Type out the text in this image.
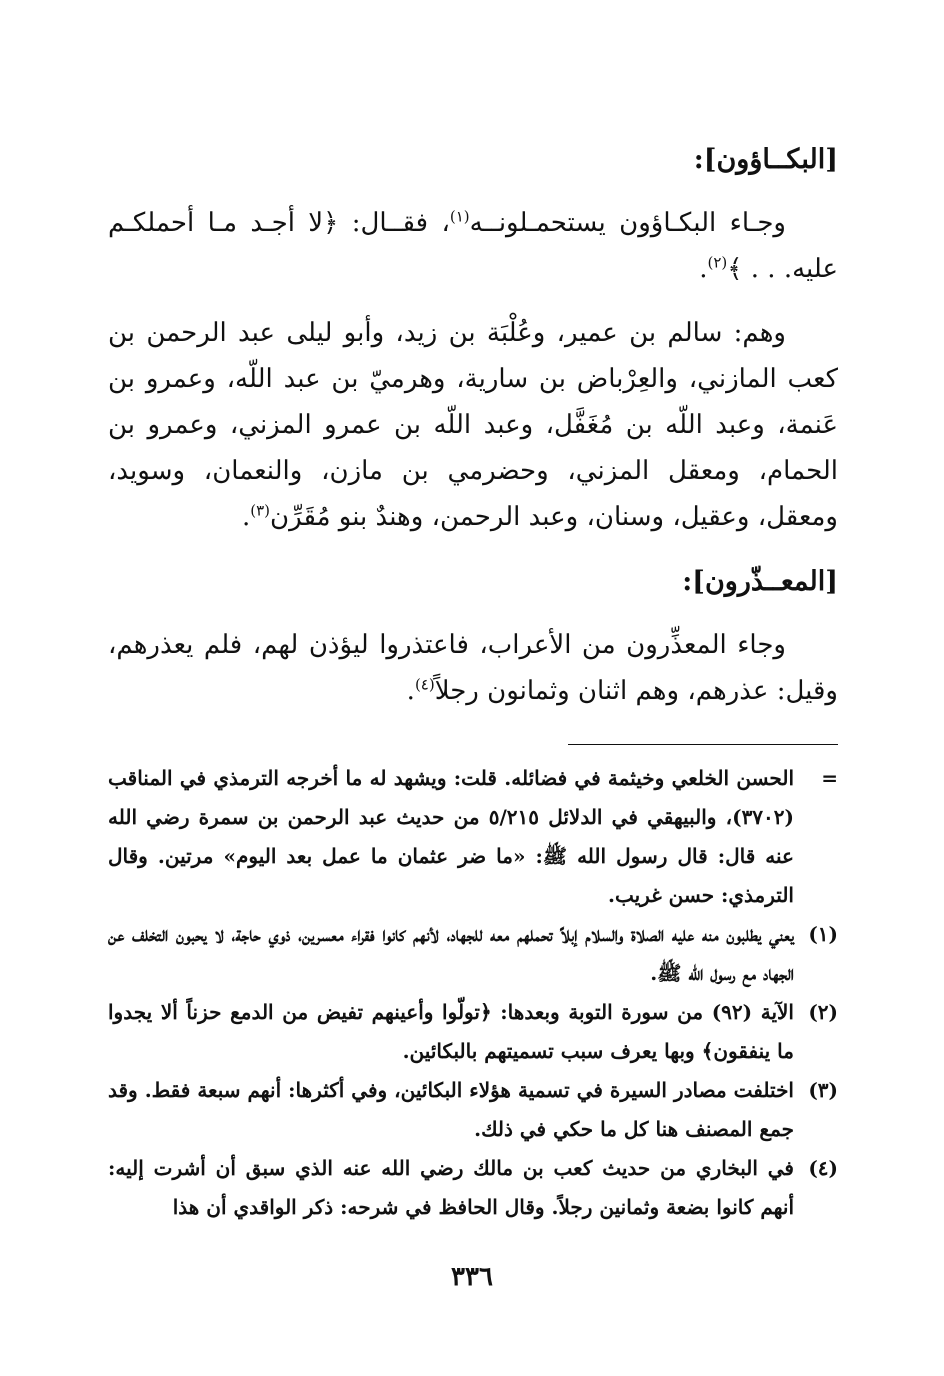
[البكــاؤون]:

وجـاء البكـاؤون يستحمـلونــه$^{(١)}$، فقــال: ﴿لا أجـد مـا أحملكـم عليه. . . ﴾$^{(٢)}$.

وهم: سالم بن عمير، وعُلْبَة بن زيد، وأبو ليلى عبد الرحمن بن كعب المازني، والعِرْباض بن سارية، وهرميّ بن عبد اللّه، وعمرو بن عَنمة، وعبد اللّه بن مُغَفَّل، وعبد اللّه بن عمرو المزني، وعمرو بن الحمام، ومعقل المزني، وحضرمي بن مازن، والنعمان، وسويد، ومعقل، وعقيل، وسنان، وعبد الرحمن، وهندٌ بنو مُقَرِّن$^{(٣)}$.

[المعــذّرون]:

وجاء المعذِّرون من الأعراب، فاعتذروا ليؤذن لهم، فلم يعذرهم، وقيل: عذرهم، وهم اثنان وثمانون رجلاً$^{(٤)}$.

=
الحسن الخلعي وخيثمة في فضائله. قلت: ويشهد له ما أخرجه الترمذي في المناقب (٣٧٠٢)، والبيهقي في الدلائل ٥/٢١٥ من حديث عبد الرحمن بن سمرة رضي الله عنه قال: قال رسول الله ﷺ: «ما ضر عثمان ما عمل بعد اليوم» مرتين. وقال الترمذي: حسن غريب.
(١)
يعني يطلبون منه عليه الصلاة والسلام إبلاً تحملهم معه للجهاد، لأنهم كانوا فقراء معسرين، ذوي حاجة، لا يحبون التخلف عن الجهاد مع رسول الله ﷺ.
(٢)
الآية (٩٢) من سورة التوبة وبعدها: ﴿تولّوا وأعينهم تفيض من الدمع حزناً ألا يجدوا ما ينفقون﴾ وبها يعرف سبب تسميتهم بالبكائين.
(٣)
اختلفت مصادر السيرة في تسمية هؤلاء البكائين، وفي أكثرها: أنهم سبعة فقط. وقد جمع المصنف هنا كل ما حكي في ذلك.
(٤)
في البخاري من حديث كعب بن مالك رضي الله عنه الذي سبق أن أشرت إليه: أنهم كانوا بضعة وثمانين رجلاً. وقال الحافظ في شرحه: ذكر الواقدي أن هذا
٣٣٦
